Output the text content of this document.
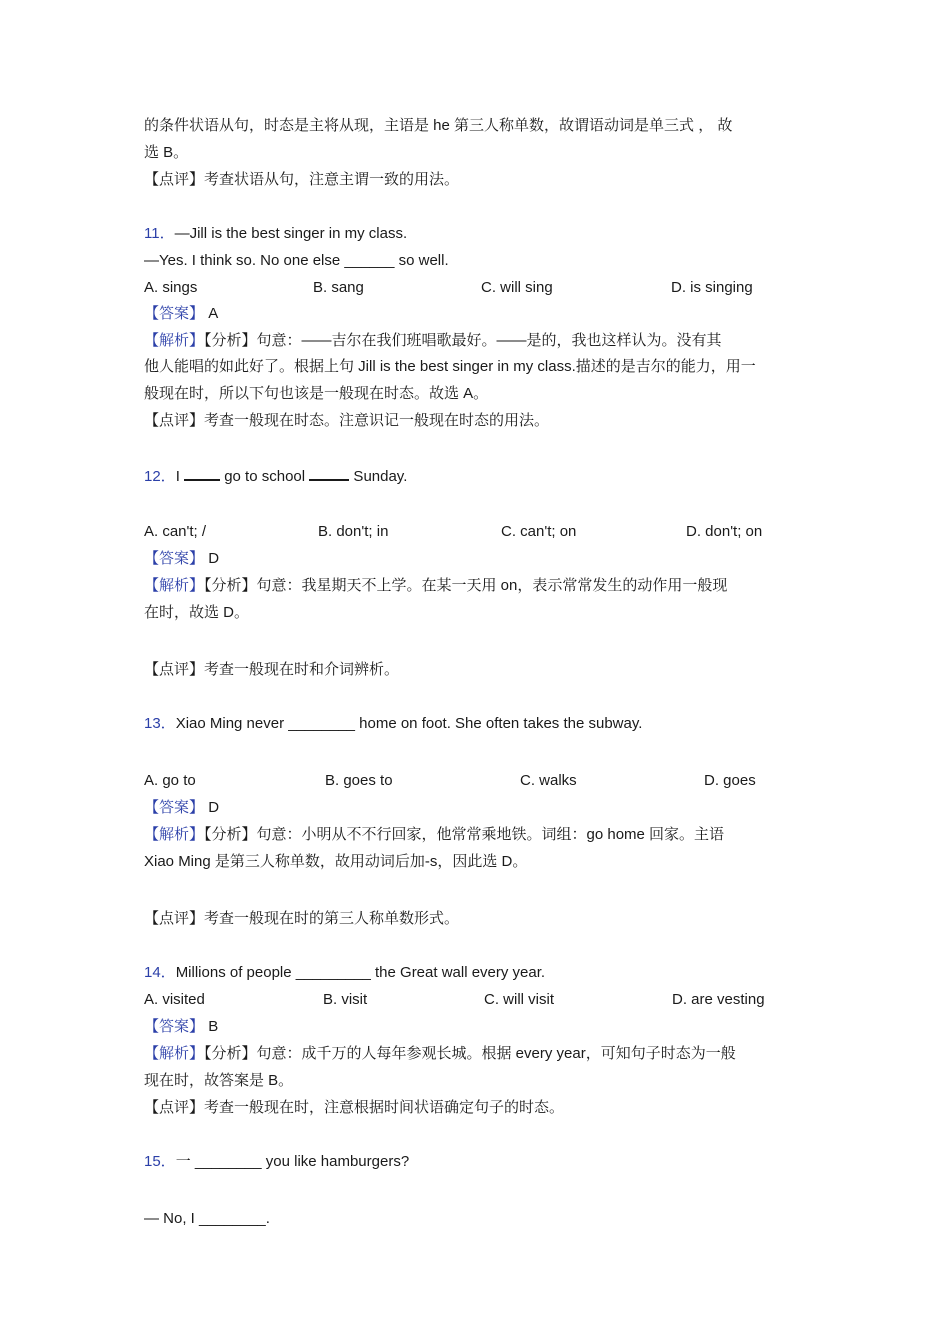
的条件状语从句，时态是主将从现，主语是 he 第三人称单数，故谓语动词是单三式 ， 故
选 B。
【点评】考查状语从句，注意主谓一致的用法。
11．—Jill is the best singer in my class.
—Yes. I think so. No one else ______ so well.
A. sings	B. sang	C. will sing	D. is singing
【答案】 A
【解析】【分析】句意：——吉尔在我们班唱歌最好。——是的，我也这样认为。没有其
他人能唱的如此好了。根据上句 Jill is the best singer in my class.描述的是吉尔的能力，用一
般现在时，所以下句也该是一般现在时态。故选 A。
【点评】考查一般现在时态。注意识记一般现在时态的用法。
12．I  go to school	Sunday.
A. can't; /	B. don't; in	C. can't; on	D. don't; on
【答案】 D
【解析】【分析】句意：我星期天不上学。在某一天用 on，表示常常发生的动作用一般现
在时，故选 D。
【点评】考查一般现在时和介词辨析。
13．Xiao Ming never ________ home on foot. She often takes the subway.
A. go to	B. goes to	C. walks	D. goes
【答案】 D
【解析】【分析】句意：小明从不不行回家，他常常乘地铁。词组：go home 回家。主语
Xiao Ming 是第三人称单数，故用动词后加-s，因此选 D。
【点评】考查一般现在时的第三人称单数形式。
14．Millions of people _________ the Great wall every year.
A. visited	B. visit	C. will visit	D. are vesting
【答案】 B
【解析】【分析】句意：成千万的人每年参观长城。根据 every year，可知句子时态为一般
现在时，故答案是 B。
【点评】考查一般现在时，注意根据时间状语确定句子的时态。
15．一 ________ you like hamburgers?
— No, I ________.
